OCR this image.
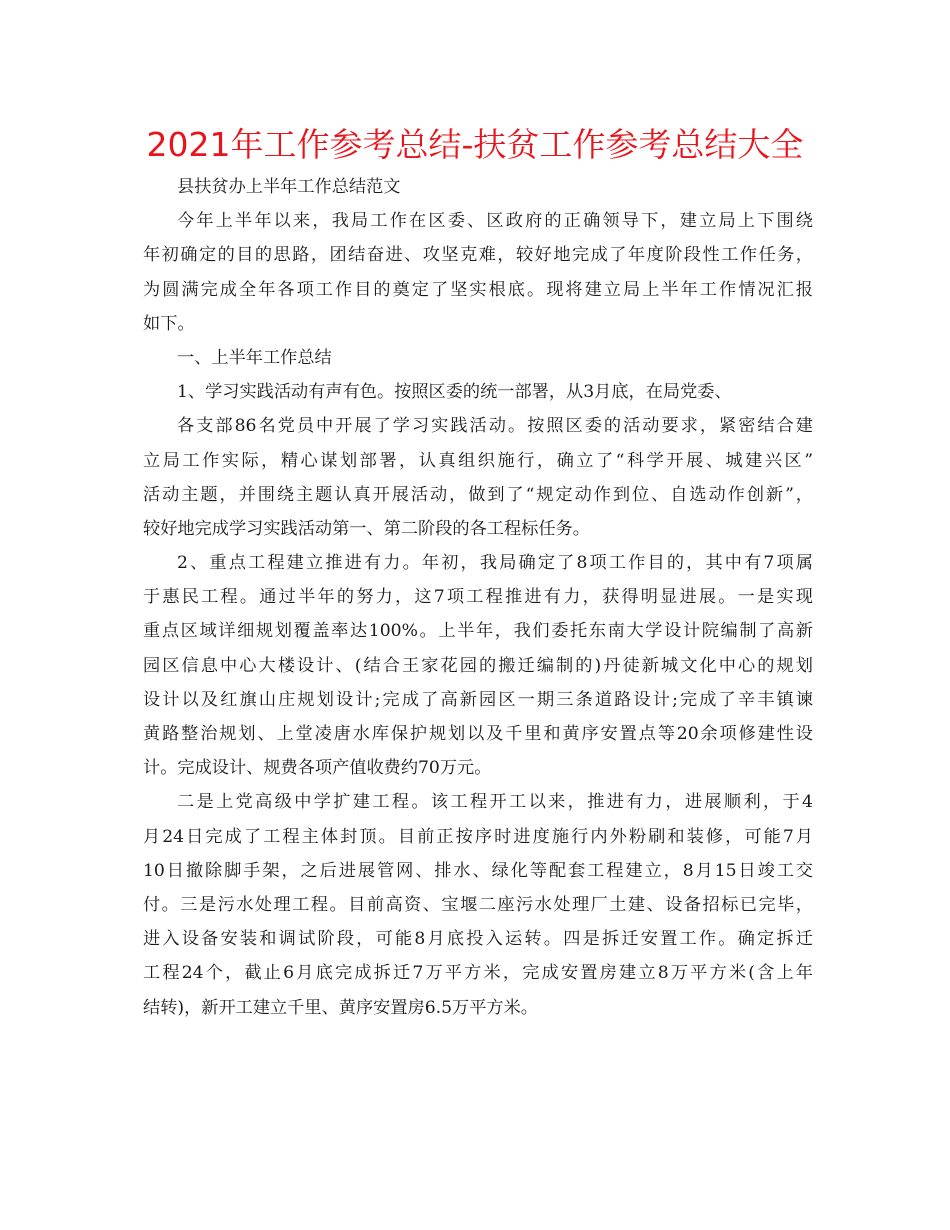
2021年工作参考总结-扶贫工作参考总结大全
县扶贫办上半年工作总结范文
今年上半年以来，我局工作在区委、区政府的正确领导下，建立局上下围绕
年初确定的目的思路，团结奋进、攻坚克难，较好地完成了年度阶段性工作任务，
为圆满完成全年各项工作目的奠定了坚实根底。现将建立局上半年工作情况汇报
如下。
一、上半年工作总结
1、学习实践活动有声有色。按照区委的统一部署，从3月底，在局党委、
各支部86名党员中开展了学习实践活动。按照区委的活动要求，紧密结合建
立局工作实际，精心谋划部署，认真组织施行，确立了“科学开展、城建兴区”
活动主题，并围绕主题认真开展活动，做到了“规定动作到位、自选动作创新”，
较好地完成学习实践活动第一、第二阶段的各工程标任务。
2、重点工程建立推进有力。年初，我局确定了8项工作目的，其中有7项属
于惠民工程。通过半年的努力，这7项工程推进有力，获得明显进展。一是实现
重点区域详细规划覆盖率达100%。上半年，我们委托东南大学设计院编制了高新
园区信息中心大楼设计、(结合王家花园的搬迁编制的)丹徒新城文化中心的规划
设计以及红旗山庄规划设计;完成了高新园区一期三条道路设计;完成了辛丰镇谏
黄路整治规划、上堂凌唐水库保护规划以及千里和黄序安置点等20余项修建性设
计。完成设计、规费各项产值收费约70万元。
二是上党高级中学扩建工程。该工程开工以来，推进有力，进展顺利，于4
月24日完成了工程主体封顶。目前正按序时进度施行内外粉刷和装修，可能7月
10日撤除脚手架，之后进展管网、排水、绿化等配套工程建立，8月15日竣工交
付。三是污水处理工程。目前高资、宝堰二座污水处理厂土建、设备招标已完毕，
进入设备安装和调试阶段，可能8月底投入运转。四是拆迁安置工作。确定拆迁
工程24个，截止6月底完成拆迁7万平方米，完成安置房建立8万平方米(含上年
结转)，新开工建立千里、黄序安置房6.5万平方米。
